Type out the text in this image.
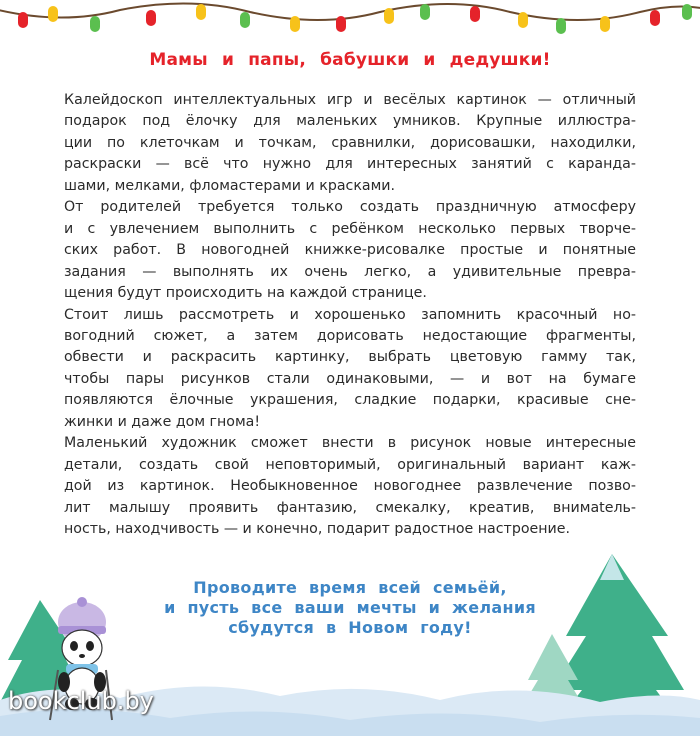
Мамы и папы, бабушки и дедушки!
Калейдоскоп интеллектуальных игр и весёлых картинок — отличный
подарок под ёлочку для маленьких умников. Крупные иллюстра-
ции по клеточкам и точкам, сравнилки, дорисовашки, находилки,
раскраски — всё что нужно для интересных занятий с каранда-
шами, мелками, фломастерами и красками.
От родителей требуется только создать праздничную атмосферу
и с увлечением выполнить с ребёнком несколько первых творче-
ских работ. В новогодней книжке-рисовалке простые и понятные
задания — выполнять их очень легко, а удивительные превра-
щения будут происходить на каждой странице.
Стоит лишь рассмотреть и хорошенько запомнить красочный но-
вогодний сюжет, а затем дорисовать недостающие фрагменты,
обвести и раскрасить картинку, выбрать цветовую гамму так,
чтобы пары рисунков стали одинаковыми, — и вот на бумаге
появляются ёлочные украшения, сладкие подарки, красивые сне-
жинки и даже дом гнома!
Маленький художник сможет внести в рисунок новые интересные
детали, создать свой неповторимый, оригинальный вариант каж-
дой из картинок. Необыкновенное новогоднее развлечение позво-
лит малышу проявить фантазию, смекалку, креатив, внимatель-
ность, находчивость — и конечно, подарит радостное настроение.
Проводите время всей семьёй,
и пусть все ваши мечты и желания
сбудутся в Новом году!
bookclub.by
